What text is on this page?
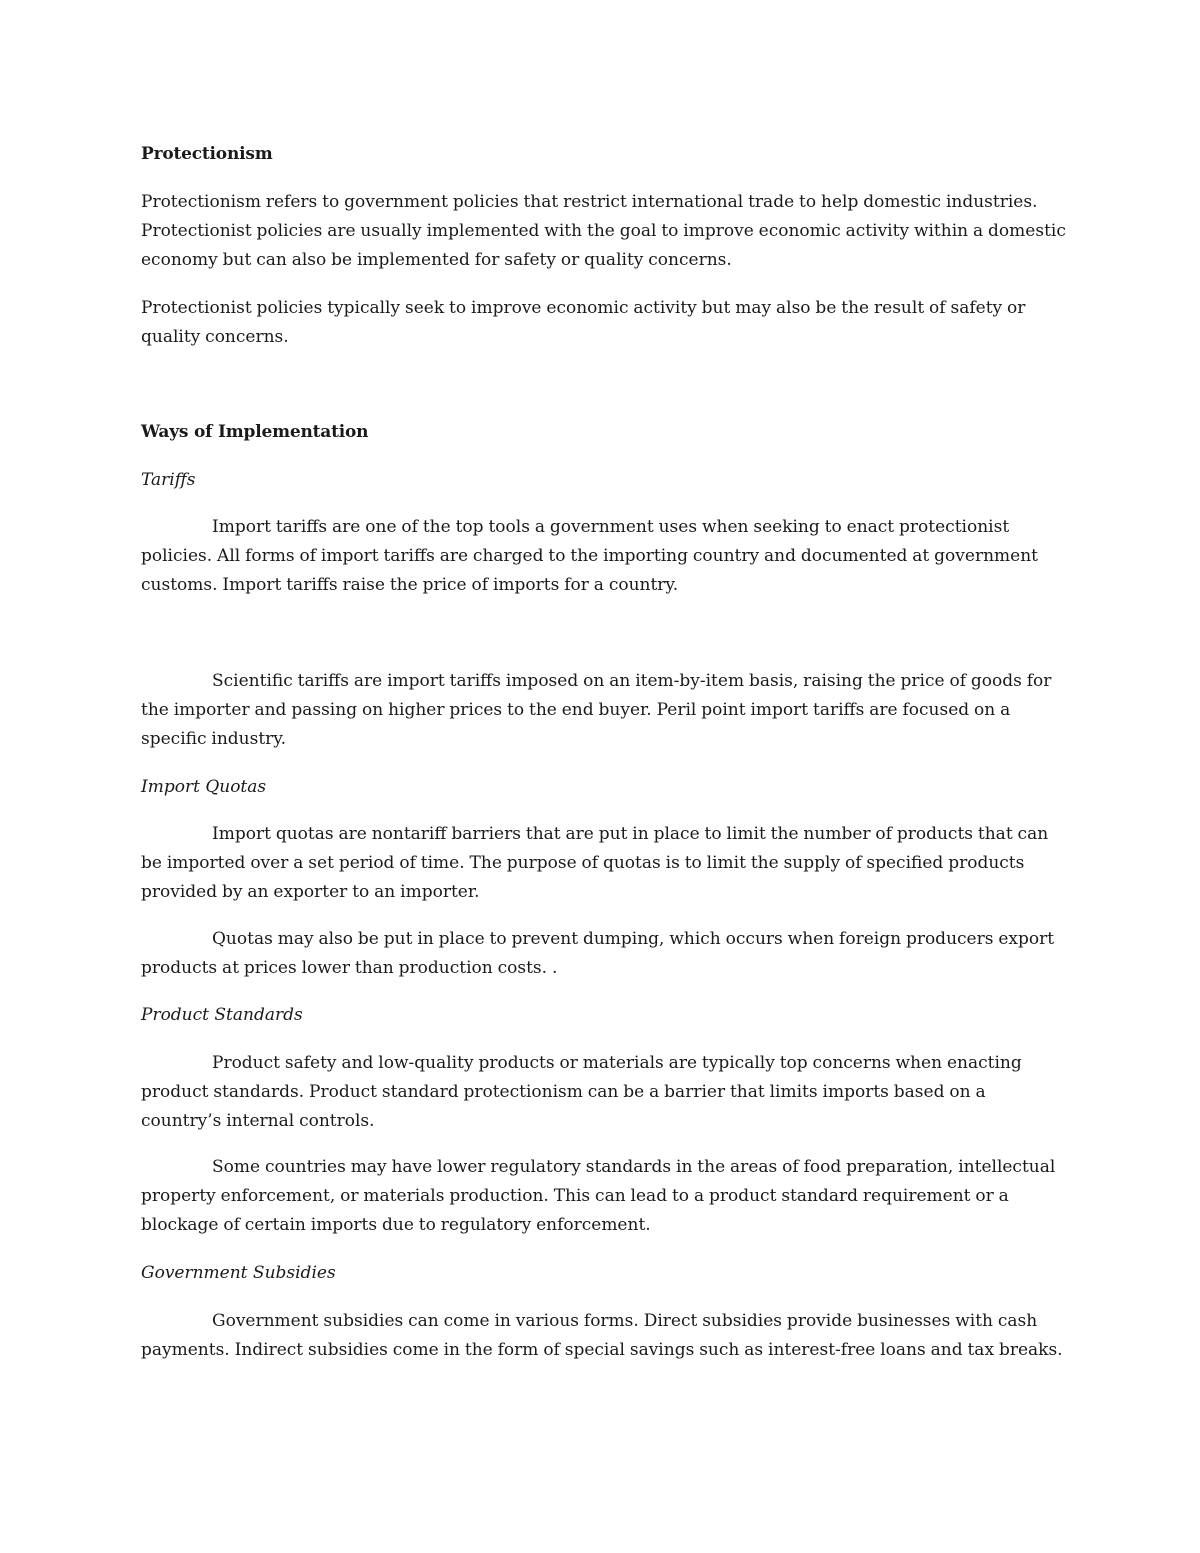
Protectionism

Protectionism refers to government policies that restrict international trade to help domestic industries. Protectionist policies are usually implemented with the goal to improve economic activity within a domestic economy but can also be implemented for safety or quality concerns.

Protectionist policies typically seek to improve economic activity but may also be the result of safety or quality concerns.

Ways of Implementation

Tariffs

Import tariffs are one of the top tools a government uses when seeking to enact protectionist policies. All forms of import tariffs are charged to the importing country and documented at government customs. Import tariffs raise the price of imports for a country.

Scientific tariffs are import tariffs imposed on an item-by-item basis, raising the price of goods for the importer and passing on higher prices to the end buyer. Peril point import tariffs are focused on a specific industry.

Import Quotas

Import quotas are nontariff barriers that are put in place to limit the number of products that can be imported over a set period of time. The purpose of quotas is to limit the supply of specified products provided by an exporter to an importer.

Quotas may also be put in place to prevent dumping, which occurs when foreign producers export products at prices lower than production costs. .

Product Standards

Product safety and low-quality products or materials are typically top concerns when enacting product standards. Product standard protectionism can be a barrier that limits imports based on a country’s internal controls.

Some countries may have lower regulatory standards in the areas of food preparation, intellectual property enforcement, or materials production. This can lead to a product standard requirement or a blockage of certain imports due to regulatory enforcement.

Government Subsidies

Government subsidies can come in various forms. Direct subsidies provide businesses with cash payments. Indirect subsidies come in the form of special savings such as interest-free loans and tax breaks.
